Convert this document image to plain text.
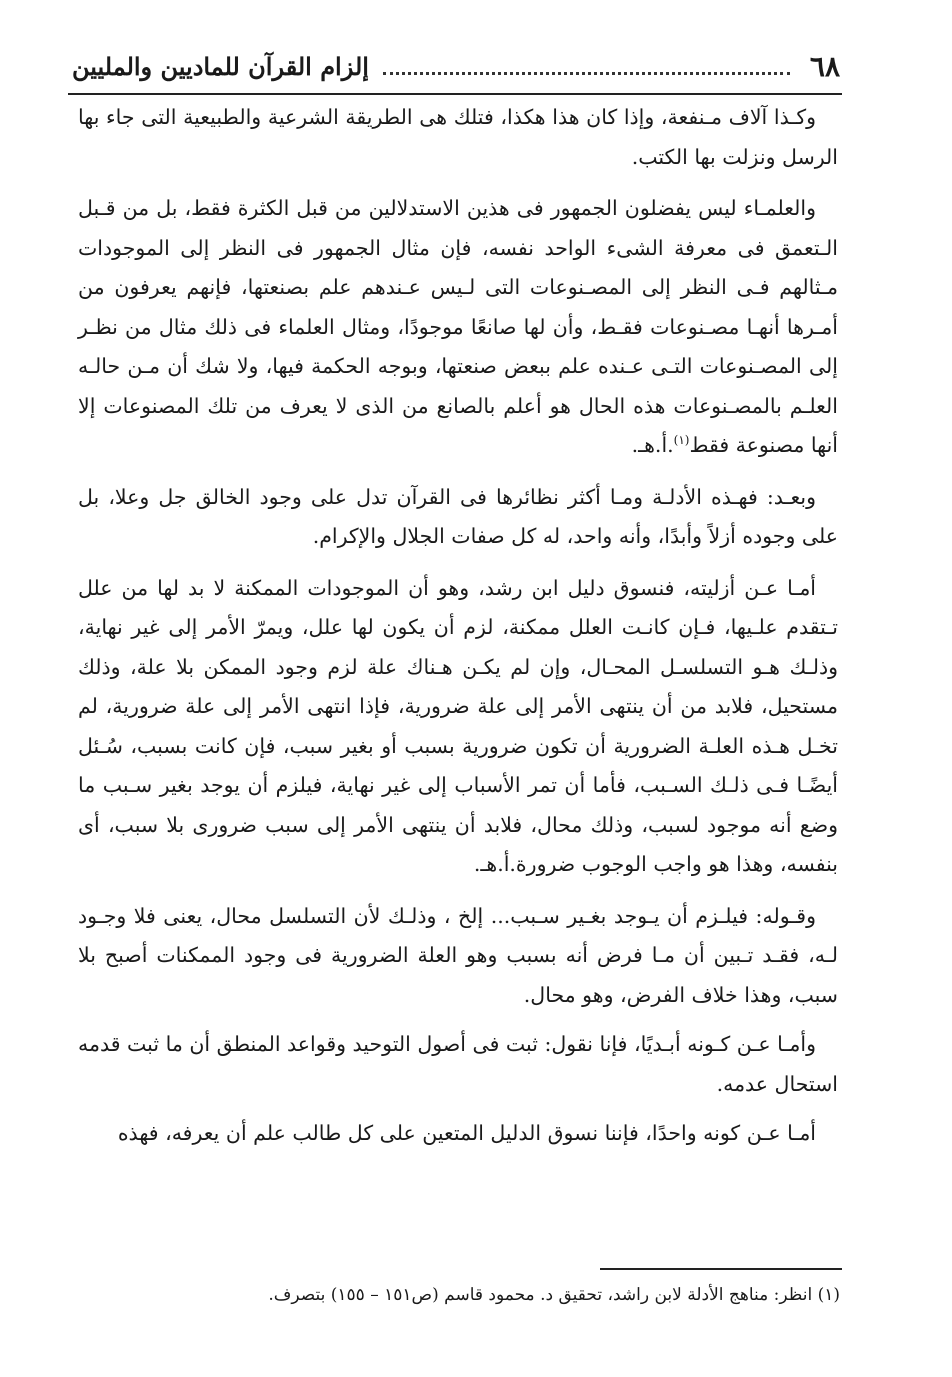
٦٨
إلزام القرآن للماديين والمليين

وكـذا آلاف مـنفعة، وإذا كان هذا هكذا، فتلك هى الطريقة الشرعية والطبيعية التى جاء بها الرسل ونزلت بها الكتب.

والعلمـاء ليس يفضلون الجمهور فى هذين الاستدلالين من قبل الكثرة فقط، بل من قـبل الـتعمق فى معرفة الشىء الواحد نفسه، فإن مثال الجمهور فى النظر إلى الموجودات مـثالهم فـى النظر إلى المصـنوعات التى لـيس عـندهم علم بصنعتها، فإنهم يعرفون من أمـرها أنهـا مصـنوعات فقـط، وأن لها صانعًا موجودًا، ومثال العلماء فى ذلك مثال من نظـر إلى المصـنوعات التـى عـنده علم ببعض صنعتها، وبوجه الحكمة فيها، ولا شك أن مـن حالـه العلـم بالمصـنوعات هذه الحال هو أعلم بالصانع من الذى لا يعرف من تلك المصنوعات إلا أنها مصنوعة فقط$^{(١)}$.أ.هـ.

وبعـد: فهـذه الأدلـة ومـا أكثر نظائرها فى القرآن تدل على وجود الخالق جل وعلا، بل على وجوده أزلاً وأبدًا، وأنه واحد، له كل صفات الجلال والإكرام.

أمـا عـن أزليته، فنسوق دليل ابن رشد، وهو أن الموجودات الممكنة لا بد لها من علل تـتقدم علـيها، فـإن كانـت العلل ممكنة، لزم أن يكون لها علل، ويمرّ الأمر إلى غير نهاية، وذلـك هـو التسلسـل المحـال، وإن لم يكـن هـناك علة لزم وجود الممكن بلا علة، وذلك مستحيل، فلابد من أن ينتهى الأمر إلى علة ضرورية، فإذا انتهى الأمر إلى علة ضرورية، لم تخـل هـذه العلـة الضرورية أن تكون ضرورية بسبب أو بغير سبب، فإن كانت بسبب، سُـئل أيضًـا فـى ذلـك السـبب، فأما أن تمر الأسباب إلى غير نهاية، فيلزم أن يوجد بغير سـبب ما وضع أنه موجود لسبب، وذلك محال، فلابد أن ينتهى الأمر إلى سبب ضرورى بلا سبب، أى بنفسه، وهذا هو واجب الوجوب ضرورة.أ.هـ.

وقـوله: فيلـزم أن يـوجد بغـير سـبب... إلخ ، وذلـك لأن التسلسل محال، يعنى فلا وجـود لـه، فقـد تـبين أن مـا فرض أنه بسبب وهو العلة الضرورية فى وجود الممكنات أصبح بلا سبب، وهذا خلاف الفرض، وهو محال.

وأمـا عـن كـونه أبـديًا، فإنا نقول: ثبت فى أصول التوحيد وقواعد المنطق أن ما ثبت قدمه استحال عدمه.

أمـا عـن كونه واحدًا، فإننا نسوق الدليل المتعين على كل طالب علم أن يعرفه، فهذه

(١) انظر: مناهج الأدلة لابن راشد، تحقيق د. محمود قاسم (ص١٥١ – ١٥٥) بتصرف.
